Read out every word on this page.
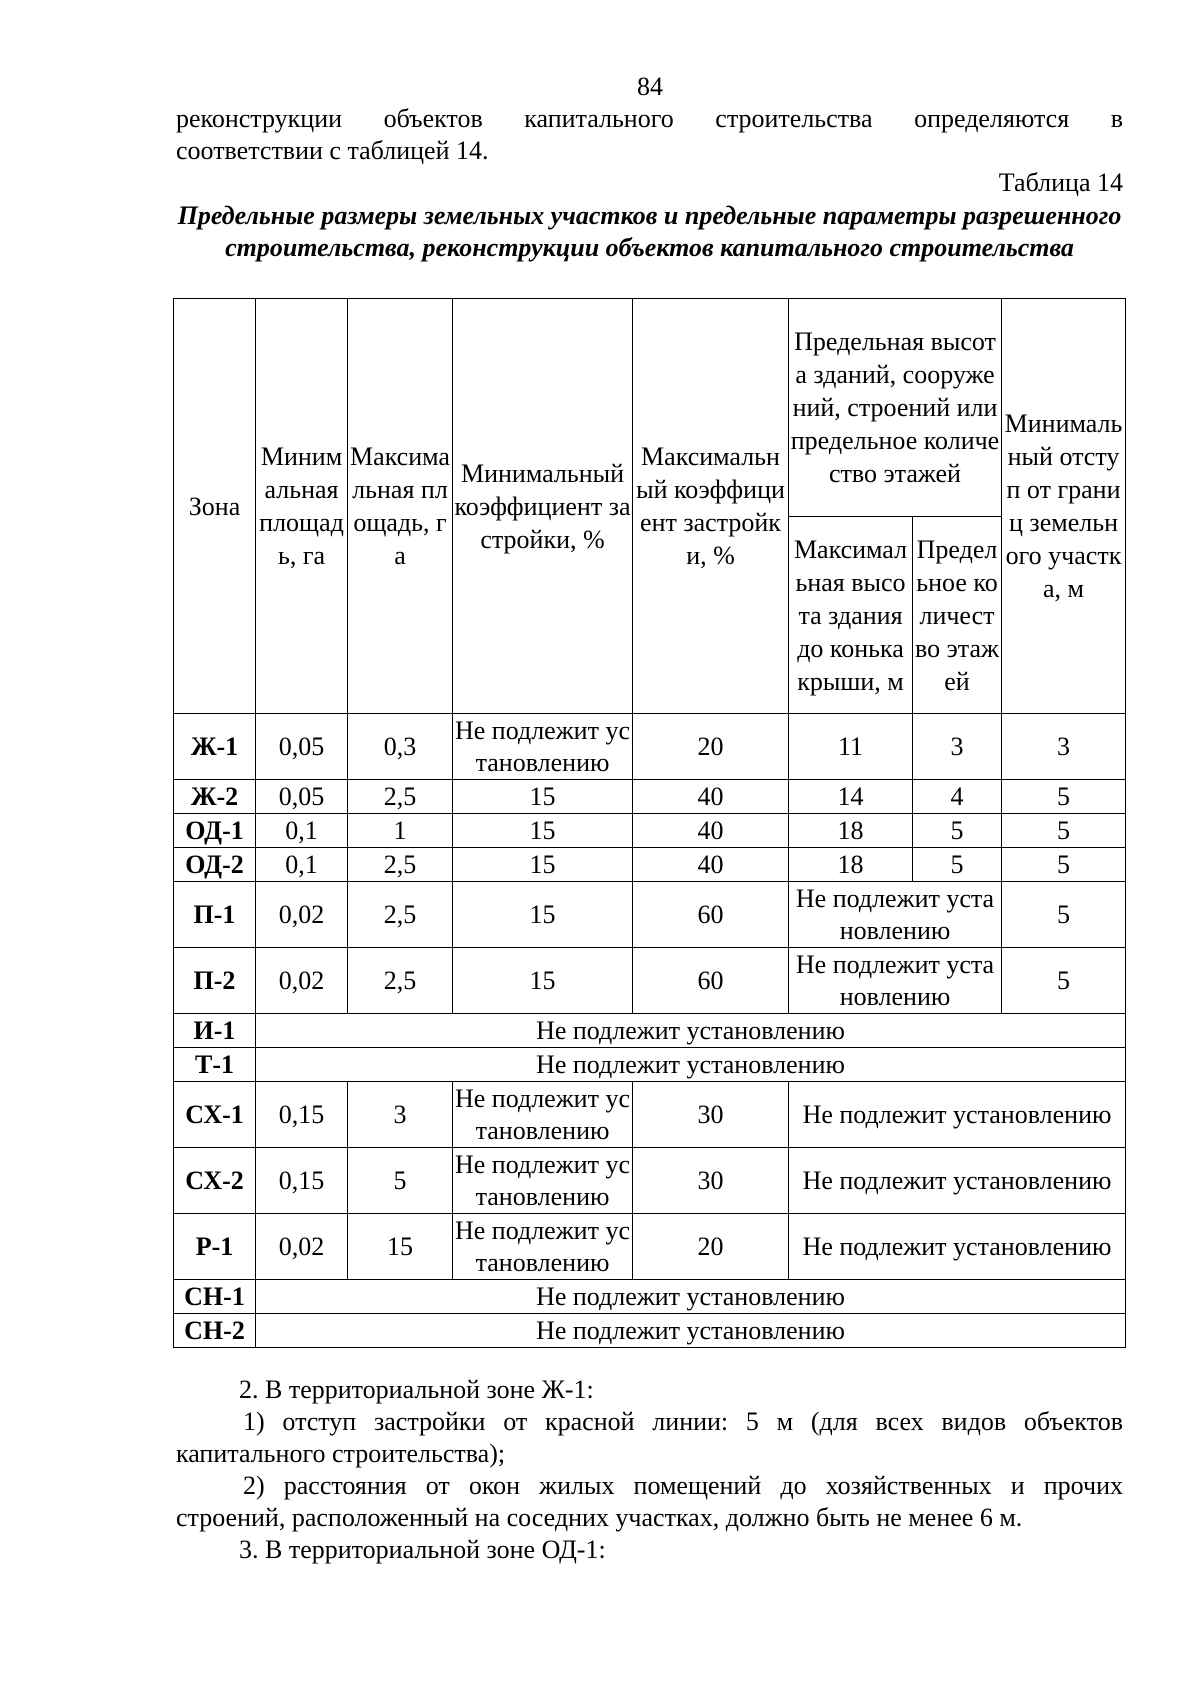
84
реконструкции объектов капитального строительства определяются в
соответствии с таблицей 14.
Таблица 14
Предельные размеры земельных участков и предельные параметры разрешенного строительства, реконструкции объектов капитального строительства
Зона	Минимальная площадь, га	Максимальная площадь, га	Минимальный коэффициент застройки, %	Максимальный коэффициент застройки, %	Предельная высота зданий, сооружений, строений или предельное количество этажей		Минимальный отступ от границ земельного участка, м
					Максимальная высота здания до конька крыши, м	Предельное количество этажей	
Ж-1	0,05	0,3	Не подлежит установлению	20	11	3	3
Ж-2	0,05	2,5	15	40	14	4	5
ОД-1	0,1	1	15	40	18	5	5
ОД-2	0,1	2,5	15	40	18	5	5
П-1	0,02	2,5	15	60	Не подлежит установлению		5
П-2	0,02	2,5	15	60	Не подлежит установлению		5
И-1	Не подлежит установлению						
Т-1	Не подлежит установлению						
СХ-1	0,15	3	Не подлежит установлению	30	Не подлежит установлению		
СХ-2	0,15	5	Не подлежит установлению	30	Не подлежит установлению		
Р-1	0,02	15	Не подлежит установлению	20	Не подлежит установлению		
СН-1	Не подлежит установлению						
СН-2	Не подлежит установлению						
2. В территориальной зоне Ж-1:
1) отступ застройки от красной линии: 5 м (для всех видов объектов капитального строительства);
2) расстояния от окон жилых помещений до хозяйственных и прочих строений, расположенный на соседних участках, должно быть не менее 6 м.
3. В территориальной зоне ОД-1:
